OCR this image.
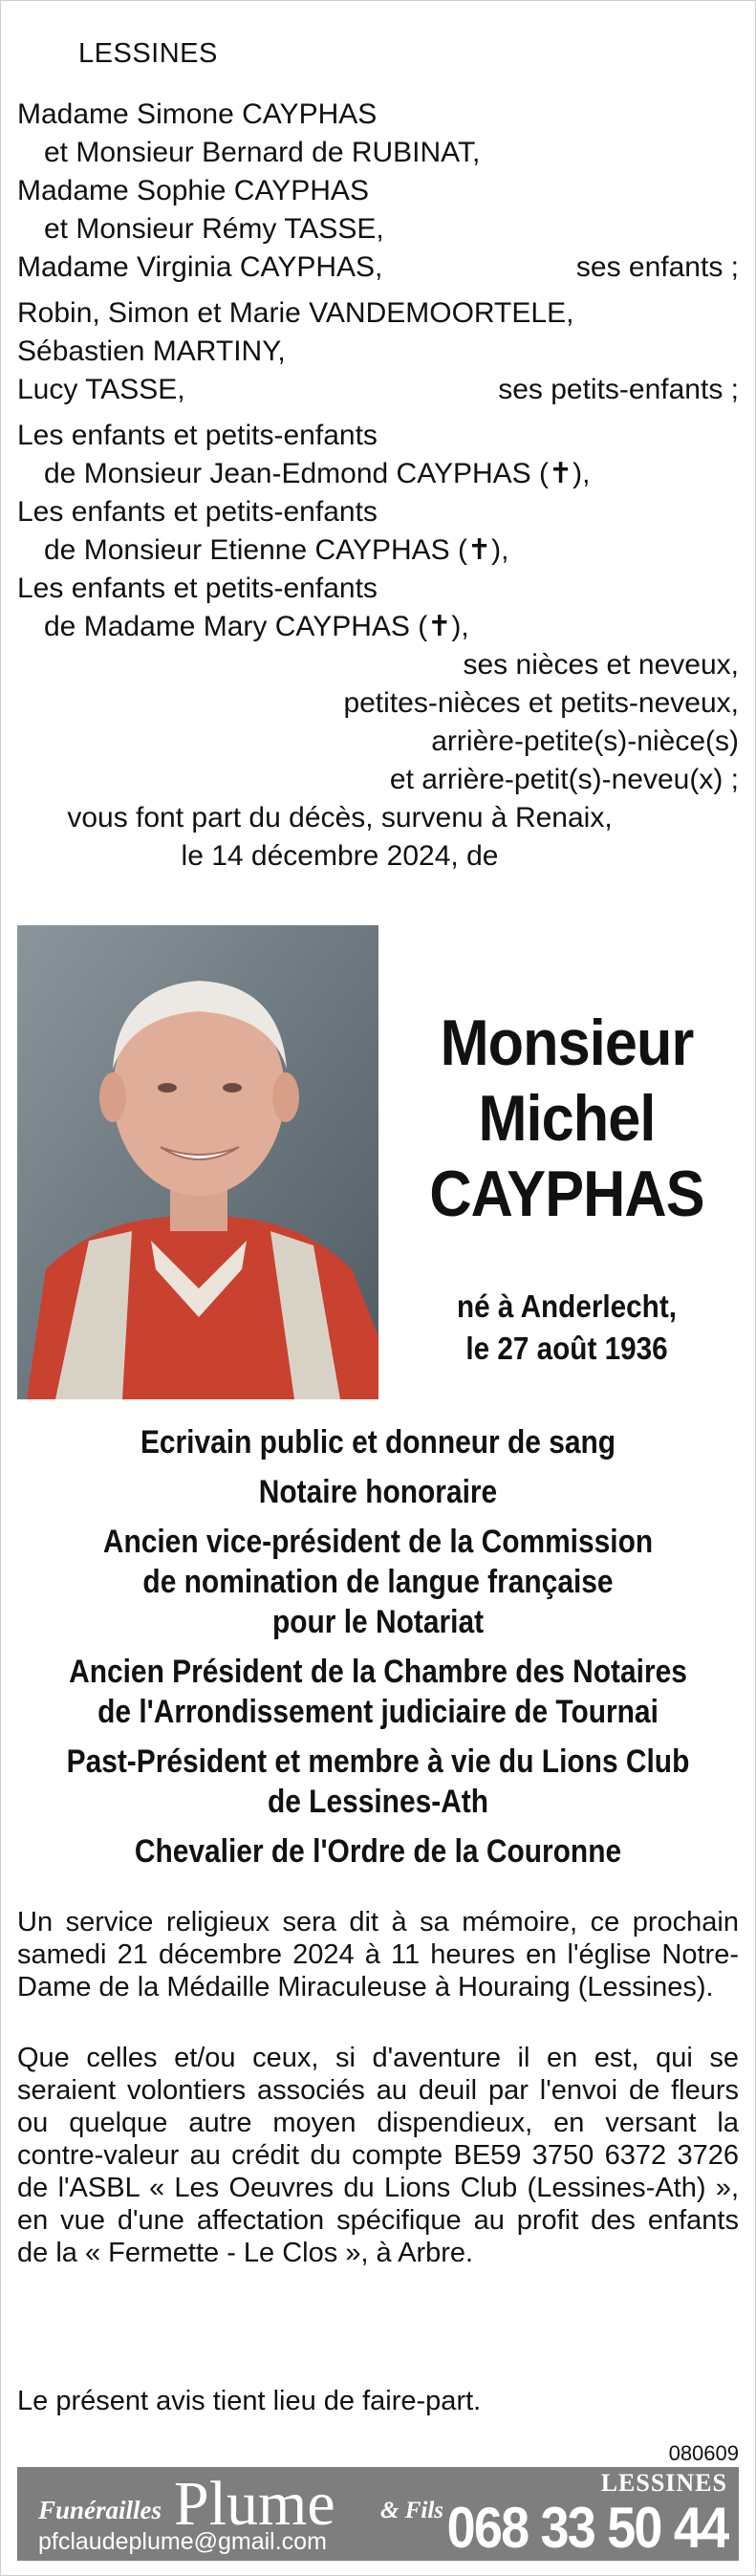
LESSINES
Madame Simone CAYPHAS
et Monsieur Bernard de RUBINAT,
Madame Sophie CAYPHAS
et Monsieur Rémy TASSE,
Madame Virginia CAYPHAS,	ses enfants ;
Robin, Simon et Marie VANDEMOORTELE,
Sébastien MARTINY,
Lucy TASSE,	ses petits-enfants ;
Les enfants et petits-enfants
de Monsieur Jean-Edmond CAYPHAS (✝),
Les enfants et petits-enfants
de Monsieur Etienne CAYPHAS (✝),
Les enfants et petits-enfants
de Madame Mary CAYPHAS (✝),
ses nièces et neveux,
petites-nièces et petits-neveux,
arrière-petite(s)-nièce(s)
et arrière-petit(s)-neveu(x) ;
vous font part du décès, survenu à Renaix,
le 14 décembre 2024, de
Monsieur
Michel
CAYPHAS
né à Anderlecht,
le 27 août 1936
Ecrivain public et donneur de sang
Notaire honoraire
Ancien vice-président de la Commission
de nomination de langue française
pour le Notariat
Ancien Président de la Chambre des Notaires
de l'Arrondissement judiciaire de Tournai
Past-Président et membre à vie du Lions Club
de Lessines-Ath
Chevalier de l'Ordre de la Couronne
Un service religieux sera dit à sa mémoire, ce prochain samedi 21 décembre 2024 à 11 heures en l'église Notre-Dame de la Médaille Miraculeuse à Houraing (Lessines).
Que celles et/ou ceux, si d'aventure il en est, qui se seraient volontiers associés au deuil par l'envoi de fleurs ou quelque autre moyen dispendieux, en versant la contre-valeur au crédit du compte BE59 3750 6372 3726 de l'ASBL « Les Oeuvres du Lions Club (Lessines-Ath) », en vue d'une affectation spécifique au profit des enfants de la « Fermette - Le Clos », à Arbre.
Le présent avis tient lieu de faire-part.
080609
Funérailles Plume & Fils
pfclaudeplume@gmail.com
LESSINES
068 33 50 44
